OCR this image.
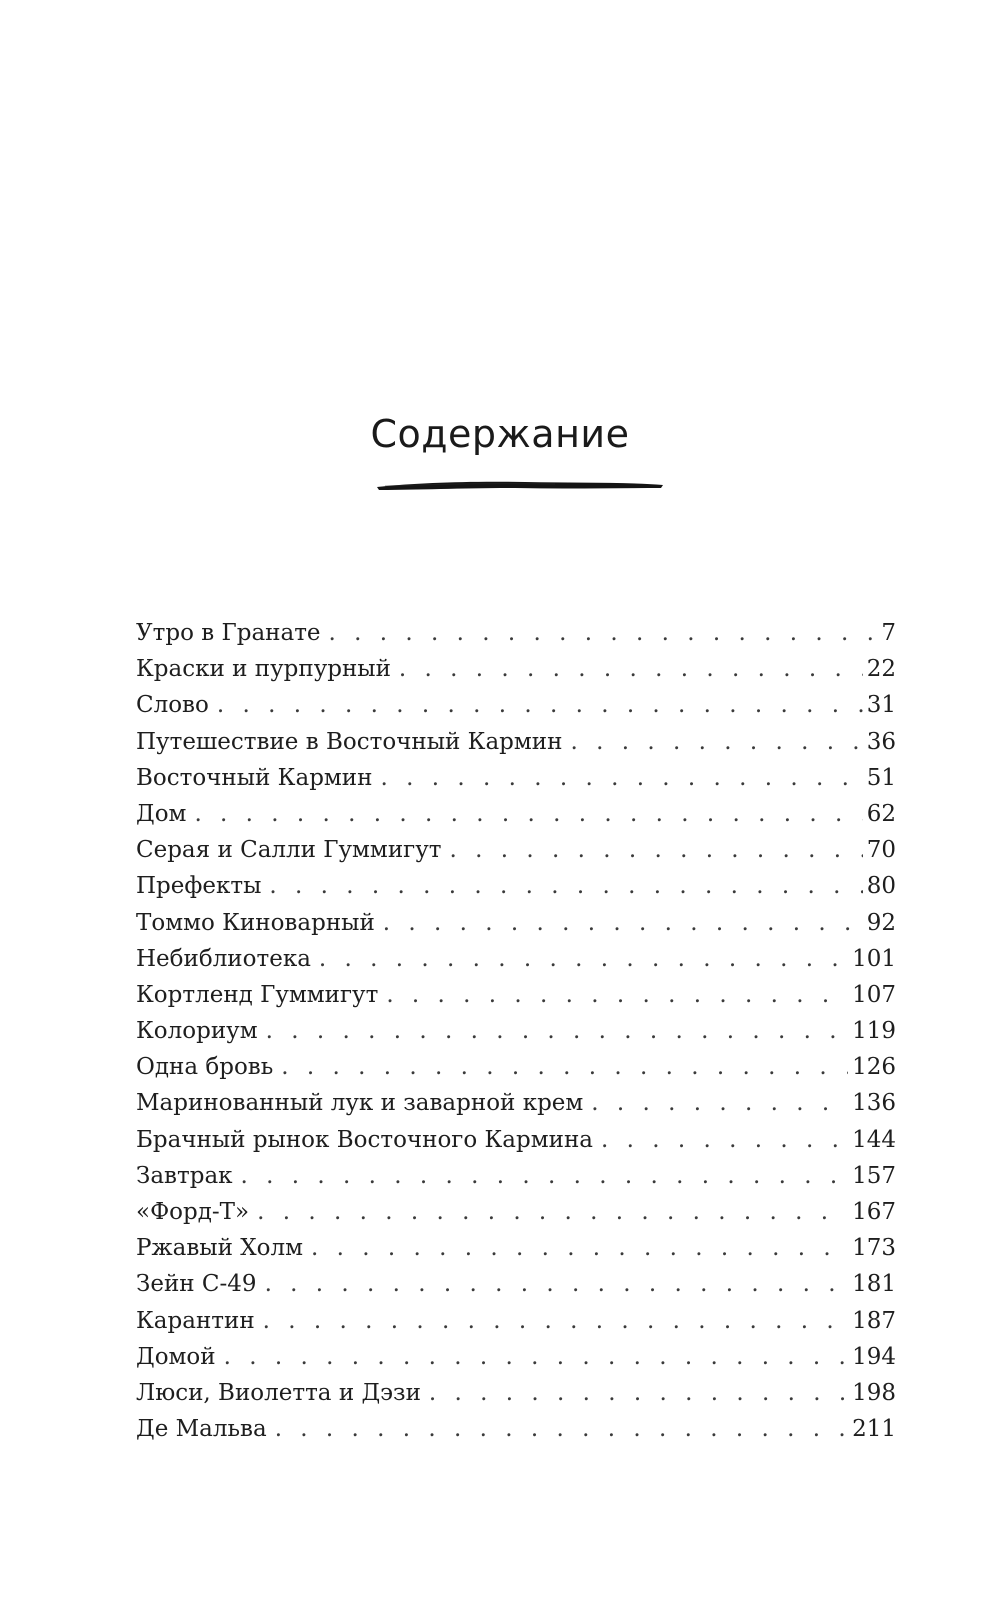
Содержание
Утро в Гранате . . .	7
Краски и пурпурный . . .	22
Слово . . .	31
Путешествие в Восточный Кармин . . .	36
Восточный Кармин . . .	51
Дом . . .	62
Серая и Салли Гуммигут . . .	70
Префекты . . .	80
Томмо Киноварный . . .	92
Небиблиотека . . .	101
Кортленд Гуммигут . . .	107
Колориум . . .	119
Одна бровь . . .	126
Маринованный лук и заварной крем . . .	136
Брачный рынок Восточного Кармина . . .	144
Завтрак . . .	157
«Форд-Т» . . .	167
Ржавый Холм . . .	173
Зейн С-49 . . .	181
Карантин . . .	187
Домой . . .	194
Люси, Виолетта и Дэзи . . .	198
Де Мальва . . .	211
